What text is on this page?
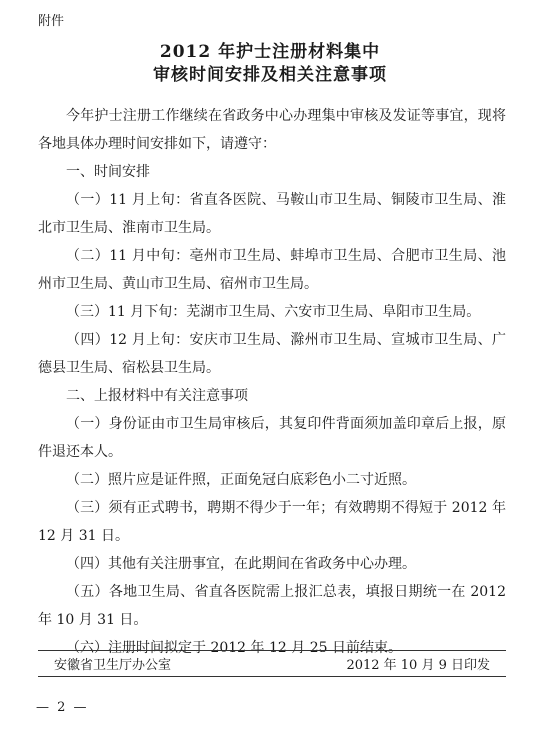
附件
2012 年护士注册材料集中
审核时间安排及相关注意事项

今年护士注册工作继续在省政务中心办理集中审核及发证等事宜，现将各地具体办理时间安排如下，请遵守：

一、时间安排

（一）11 月上旬：省直各医院、马鞍山市卫生局、铜陵市卫生局、淮北市卫生局、淮南市卫生局。

（二）11 月中旬：亳州市卫生局、蚌埠市卫生局、合肥市卫生局、池州市卫生局、黄山市卫生局、宿州市卫生局。

（三）11 月下旬：芜湖市卫生局、六安市卫生局、阜阳市卫生局。

（四）12 月上旬：安庆市卫生局、滁州市卫生局、宣城市卫生局、广德县卫生局、宿松县卫生局。

二、上报材料中有关注意事项

（一）身份证由市卫生局审核后，其复印件背面须加盖印章后上报，原件退还本人。

（二）照片应是证件照，正面免冠白底彩色小二寸近照。

（三）须有正式聘书，聘期不得少于一年；有效聘期不得短于 2012 年 12 月 31 日。

（四）其他有关注册事宜，在此期间在省政务中心办理。

（五）各地卫生局、省直各医院需上报汇总表，填报日期统一在 2012 年 10 月 31 日。

（六）注册时间拟定于 2012 年 12 月 25 日前结束。

安徽省卫生厅办公室	2012 年 10 月 9 日印发
— 2 —
